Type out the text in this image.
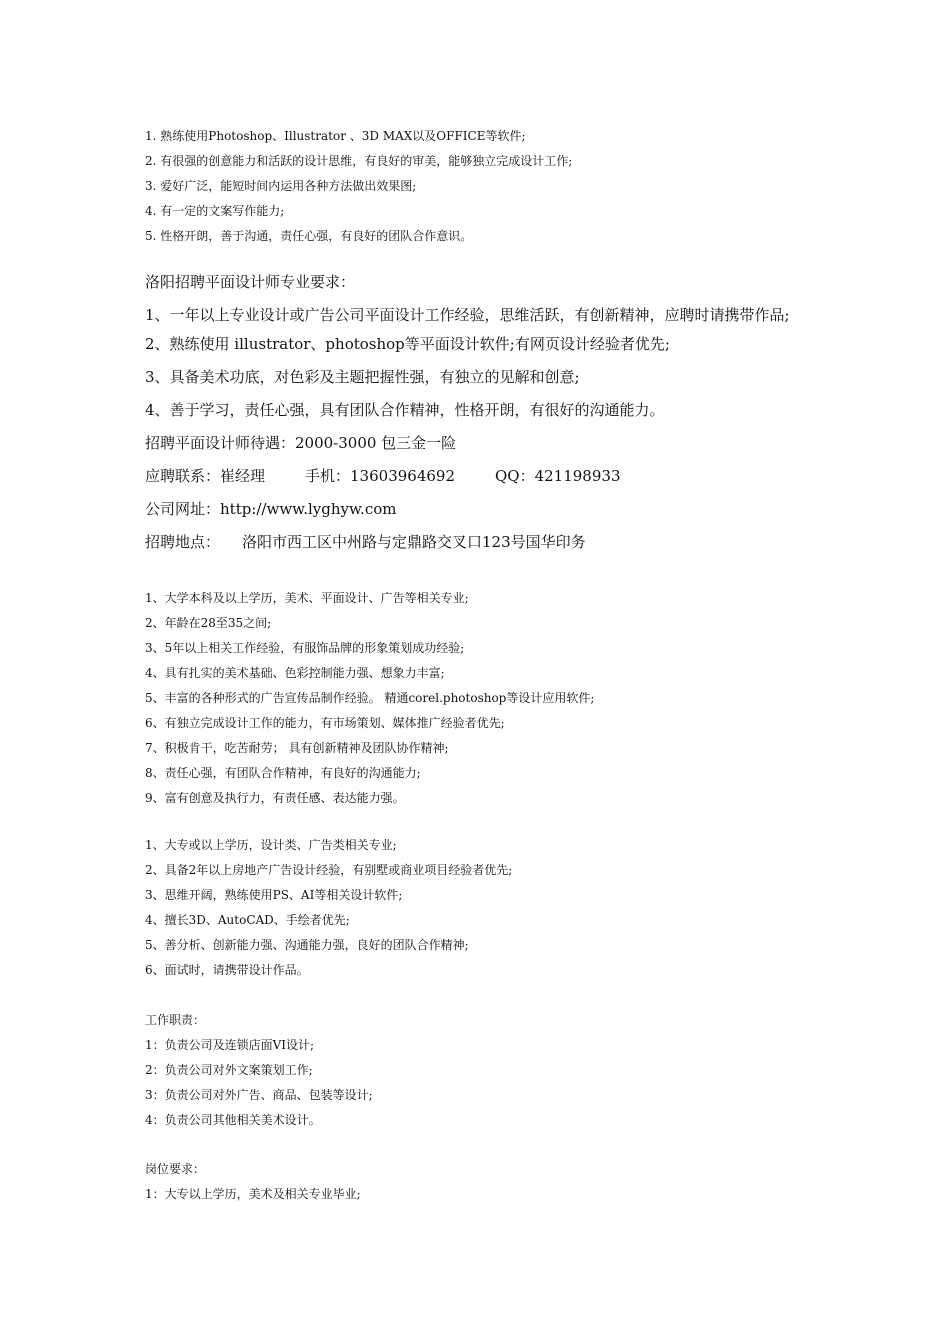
1. 熟练使用Photoshop、Illustrator 、3D MAX以及OFFICE等软件;
2. 有很强的创意能力和活跃的设计思维，有良好的审美，能够独立完成设计工作;
3. 爱好广泛，能短时间内运用各种方法做出效果图;
4. 有一定的文案写作能力;
5. 性格开朗，善于沟通，责任心强，有良好的团队合作意识。
洛阳招聘平面设计师专业要求：
1、一年以上专业设计或广告公司平面设计工作经验，思维活跃，有创新精神，应聘时请携带作品;
2、熟练使用 illustrator、photoshop等平面设计软件;有网页设计经验者优先;
3、具备美术功底，对色彩及主题把握性强，有独立的见解和创意;
4、善于学习，责任心强，具有团队合作精神，性格开朗，有很好的沟通能力。
招聘平面设计师待遇：2000-3000 包三金一险
应聘联系：崔经理	手机：13603964692	QQ：421198933
公司网址：http://www.lyghyw.com
招聘地点： 洛阳市西工区中州路与定鼎路交叉口123号国华印务
1、大学本科及以上学历，美术、平面设计、广告等相关专业;
2、年龄在28至35之间;
3、5年以上相关工作经验，有服饰品牌的形象策划成功经验;
4、具有扎实的美术基础、色彩控制能力强、想象力丰富;
5、丰富的各种形式的广告宣传品制作经验。 精通corel.photoshop等设计应用软件;
6、有独立完成设计工作的能力，有市场策划、媒体推广经验者优先;
7、积极肯干，吃苦耐劳； 具有创新精神及团队协作精神;
8、责任心强，有团队合作精神，有良好的沟通能力;
9、富有创意及执行力，有责任感、表达能力强。
1、大专或以上学历，设计类、广告类相关专业;
2、具备2年以上房地产广告设计经验，有别墅或商业项目经验者优先;
3、思维开阔，熟练使用PS、AI等相关设计软件;
4、擅长3D、AutoCAD、手绘者优先;
5、善分析、创新能力强、沟通能力强，良好的团队合作精神;
6、面试时，请携带设计作品。
工作职责：
1：负责公司及连锁店面VI设计;
2：负责公司对外文案策划工作;
3：负责公司对外广告、商品、包装等设计;
4：负责公司其他相关美术设计。
岗位要求：
1：大专以上学历，美术及相关专业毕业;
